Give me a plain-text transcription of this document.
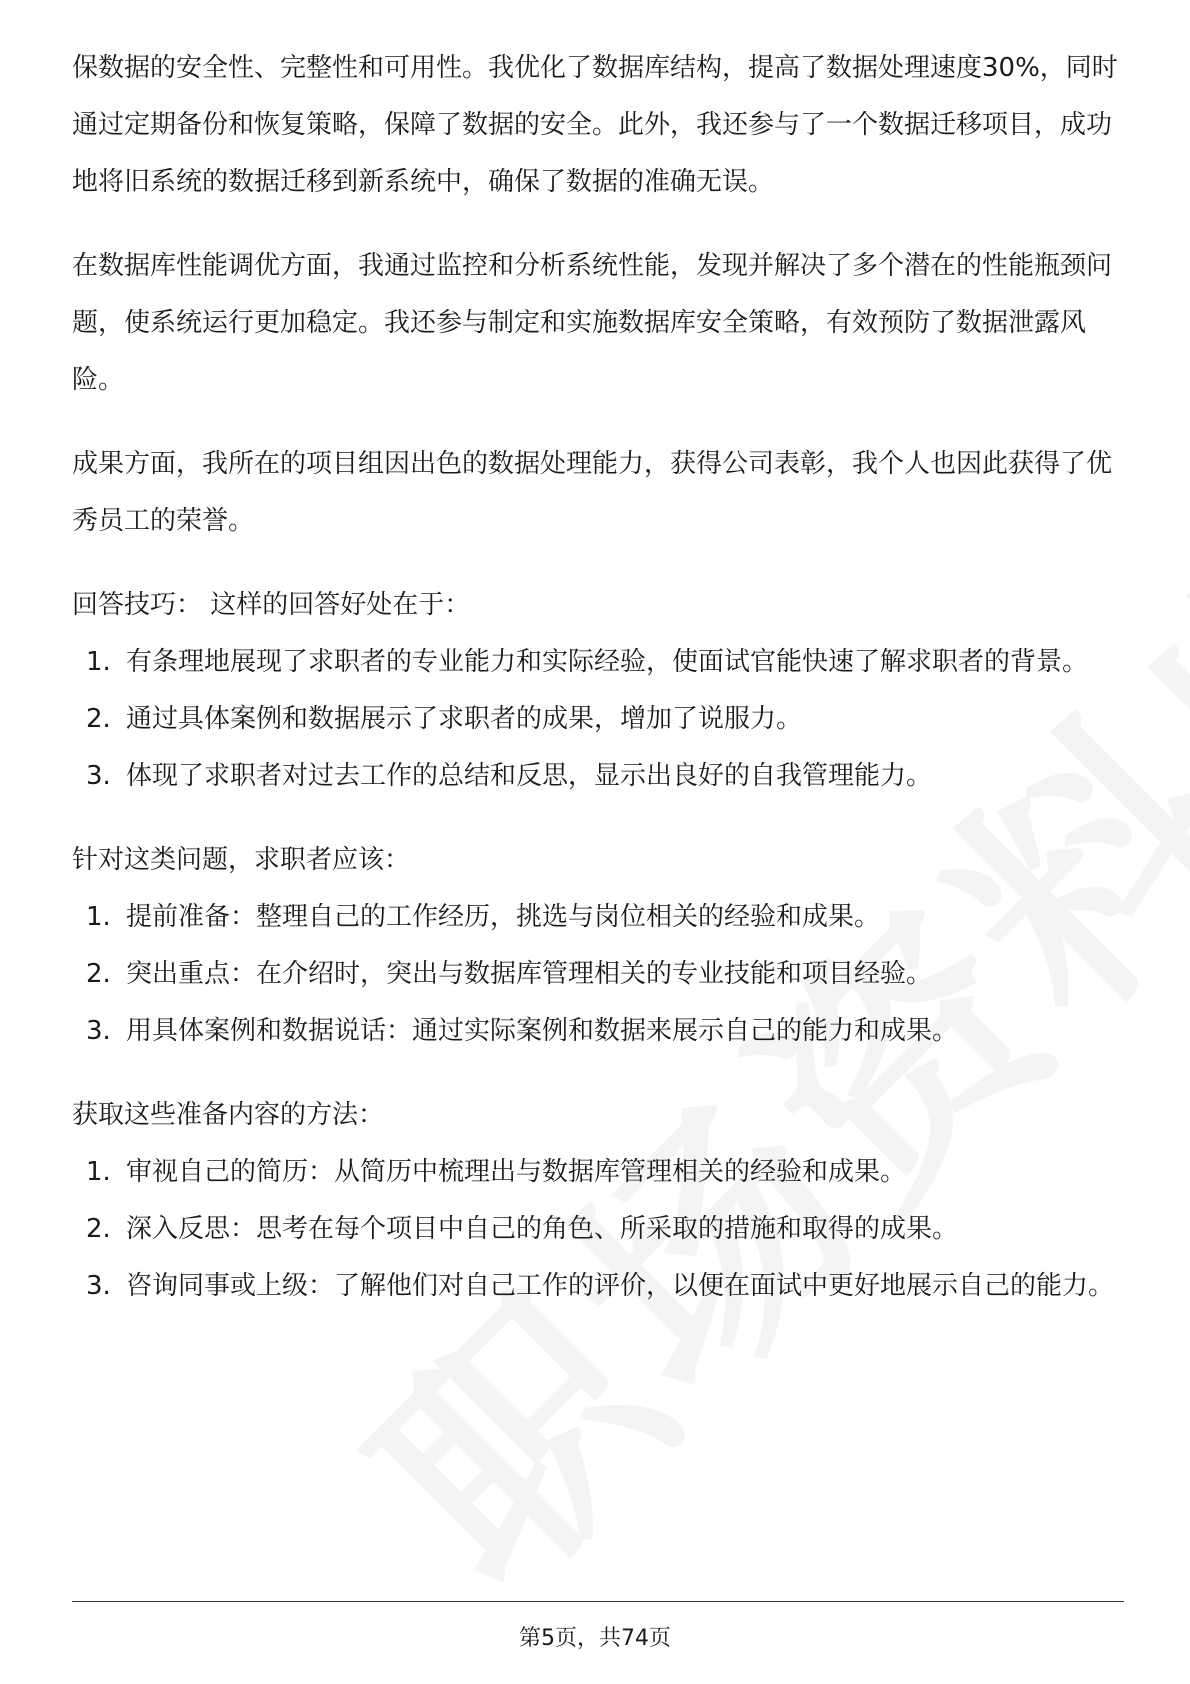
保数据的安全性、完整性和可用性。我优化了数据库结构，提高了数据处理速度30%，同时通过定期备份和恢复策略，保障了数据的安全。此外，我还参与了一个数据迁移项目，成功地将旧系统的数据迁移到新系统中，确保了数据的准确无误。

在数据库性能调优方面，我通过监控和分析系统性能，发现并解决了多个潜在的性能瓶颈问题，使系统运行更加稳定。我还参与制定和实施数据库安全策略，有效预防了数据泄露风险。

成果方面，我所在的项目组因出色的数据处理能力，获得公司表彰，我个人也因此获得了优秀员工的荣誉。

回答技巧： 这样的回答好处在于：

1. 有条理地展现了求职者的专业能力和实际经验，使面试官能快速了解求职者的背景。
2. 通过具体案例和数据展示了求职者的成果，增加了说服力。
3. 体现了求职者对过去工作的总结和反思，显示出良好的自我管理能力。

针对这类问题，求职者应该：

1. 提前准备：整理自己的工作经历，挑选与岗位相关的经验和成果。
2. 突出重点：在介绍时，突出与数据库管理相关的专业技能和项目经验。
3. 用具体案例和数据说话：通过实际案例和数据来展示自己的能力和成果。

获取这些准备内容的方法：

1. 审视自己的简历：从简历中梳理出与数据库管理相关的经验和成果。
2. 深入反思：思考在每个项目中自己的角色、所采取的措施和取得的成果。
3. 咨询同事或上级：了解他们对自己工作的评价，以便在面试中更好地展示自己的能力。
第5页，共74页
